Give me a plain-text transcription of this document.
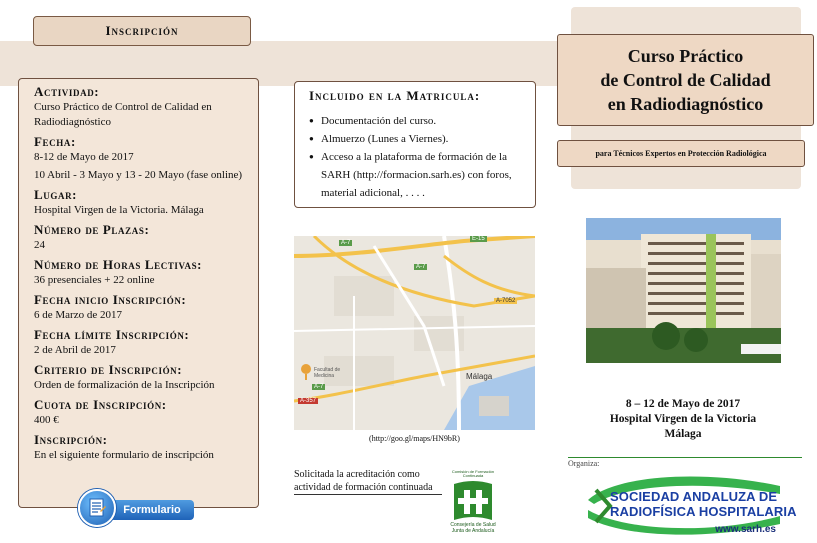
Inscripción
Actividad:
Curso Práctico de Control de Calidad en Radiodiagnóstico
Fecha:
8-12 de Mayo de 2017
10 Abril - 3 Mayo y 13 - 20 Mayo (fase online)
Lugar:
Hospital Virgen de la Victoria. Málaga
Número de Plazas:
24
Número de Horas Lectivas:
36 presenciales + 22 online
Fecha inicio Inscripción:
6 de Marzo de 2017
Fecha límite Inscripción:
2 de Abril de 2017
Criterio de Inscripción:
Orden de formalización de la Inscripción
Cuota de Inscripción:
400 €
Inscripción:
En el siguiente formulario de inscripción
Formulario
Incluido en la Matricula:
● Documentación del curso.
● Almuerzo (Lunes a Viernes).
● Acceso a la plataforma de formación de la SARH (http://formacion.sarh.es) con foros, material adicional, . . . .
A-7
E-15
A-7
A-7052
A-7
A-357
Málaga
Facultad de Medicina
(http://goo.gl/maps/HN9bR)
Solicitada la acreditación como

actividad de formación continuada
Comisión de Formación Continuada
Consejería de Salud Junta de Andalucía
Curso Práctico
de Control de Calidad
en Radiodiagnóstico
para Técnicos Expertos en Protección Radiológica
8 – 12 de Mayo de 2017
Hospital Virgen de la Victoria
Málaga
Organiza:
SOCIEDAD ANDALUZA DE
RADIOFÍSICA HOSPITALARIA
www.sarh.es
